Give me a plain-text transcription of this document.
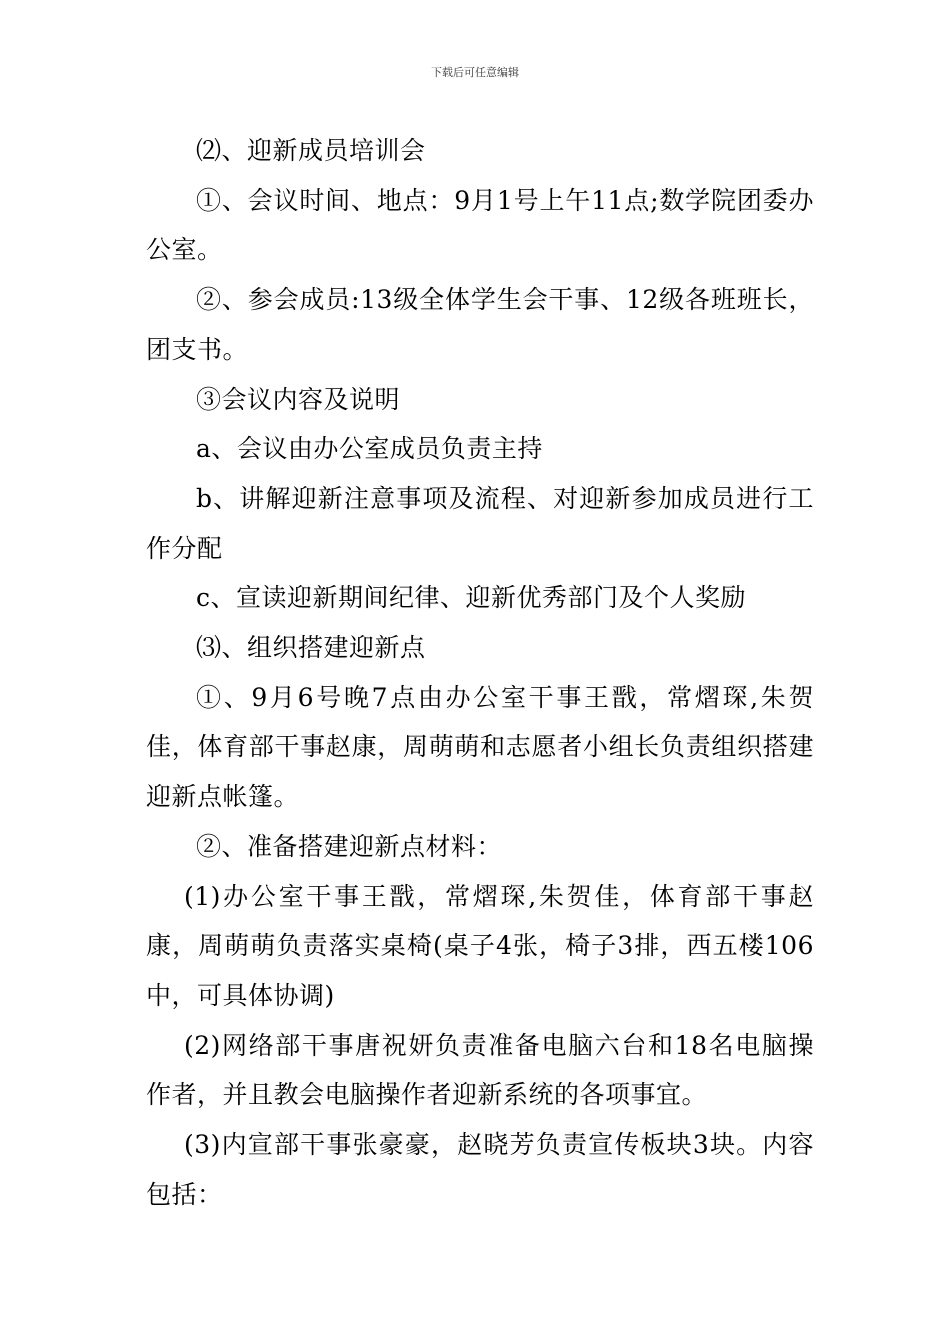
下载后可任意编辑

⑵、迎新成员培训会

①、会议时间、地点：9月1号上午11点;数学院团委办公室。

②、参会成员:13级全体学生会干事、12级各班班长，团支书。

③会议内容及说明

a、会议由办公室成员负责主持

b、讲解迎新注意事项及流程、对迎新参加成员进行工作分配

c、宣读迎新期间纪律、迎新优秀部门及个人奖励

⑶、组织搭建迎新点

①、9月6号晚7点由办公室干事王戬，常熠琛,朱贺佳，体育部干事赵康，周萌萌和志愿者小组长负责组织搭建迎新点帐篷。

②、准备搭建迎新点材料：

(1)办公室干事王戬，常熠琛,朱贺佳，体育部干事赵康，周萌萌负责落实桌椅(桌子4张，椅子3排，西五楼106中，可具体协调)

(2)网络部干事唐祝妍负责准备电脑六台和18名电脑操作者，并且教会电脑操作者迎新系统的各项事宜。

(3)内宣部干事张豪豪，赵晓芳负责宣传板块3块。内容包括：
